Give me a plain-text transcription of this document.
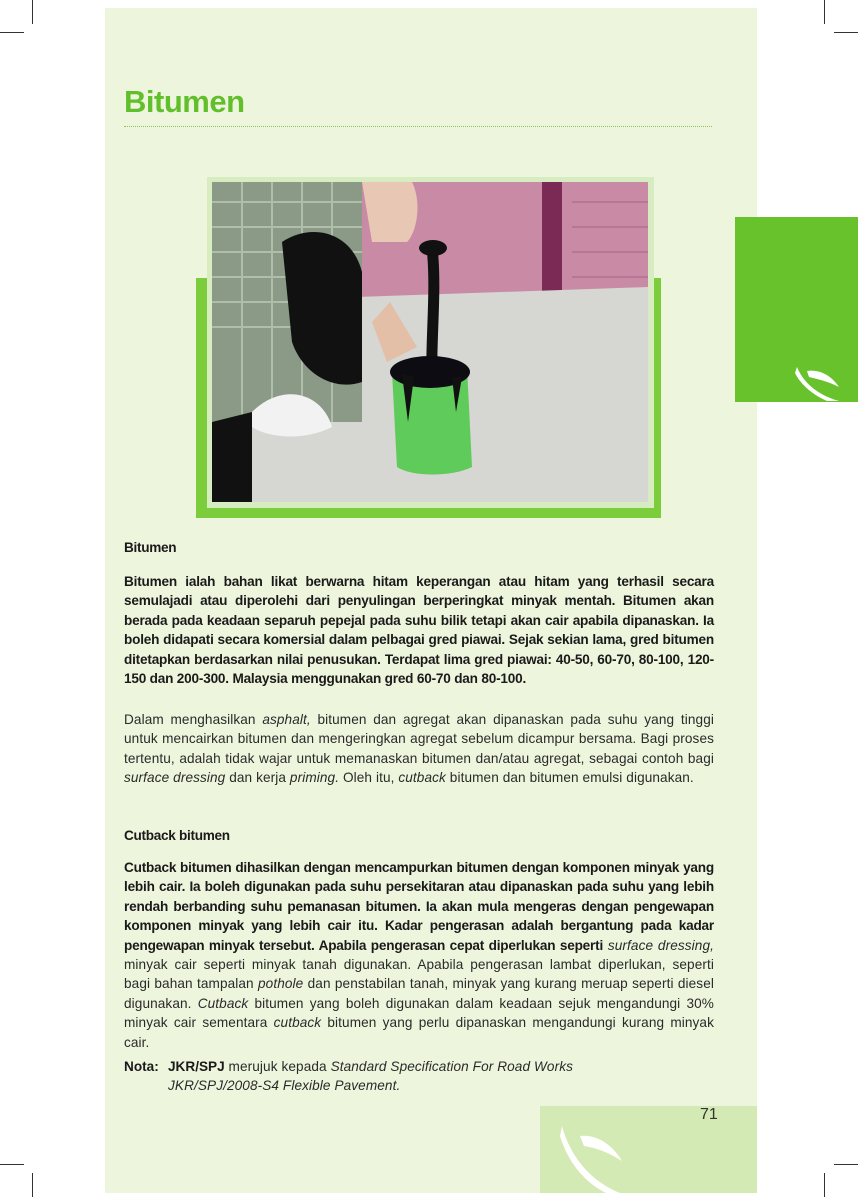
Bitumen
Bitumen
Bitumen ialah bahan likat berwarna hitam keperangan atau hitam yang terhasil secara semulajadi atau diperolehi dari penyulingan berperingkat minyak mentah. Bitumen akan berada pada keadaan separuh pepejal pada suhu bilik tetapi akan cair apabila dipanaskan. Ia boleh didapati secara komersial dalam pelbagai gred piawai. Sejak sekian lama, gred bitumen ditetapkan berdasarkan nilai penusukan. Terdapat lima gred piawai: 40-50, 60-70, 80-100, 120-150 dan 200-300. Malaysia menggunakan gred 60-70 dan 80-100.
Dalam menghasilkan asphalt, bitumen dan agregat akan dipanaskan pada suhu yang tinggi untuk mencairkan bitumen dan mengeringkan agregat sebelum dicampur bersama. Bagi proses tertentu, adalah tidak wajar untuk memanaskan bitumen dan/atau agregat, sebagai contoh bagi surface dressing dan kerja priming. Oleh itu, cutback bitumen dan bitumen emulsi digunakan.
Cutback bitumen
Cutback bitumen dihasilkan dengan mencampurkan bitumen dengan komponen minyak yang lebih cair. Ia boleh digunakan pada suhu persekitaran atau dipanaskan pada suhu yang lebih rendah berbanding suhu pemanasan bitumen. Ia akan mula mengeras dengan pengewapan komponen minyak yang lebih cair itu. Kadar pengerasan adalah bergantung pada kadar pengewapan minyak tersebut. Apabila pengerasan cepat diperlukan seperti surface dressing, minyak cair seperti minyak tanah digunakan. Apabila pengerasan lambat diperlukan, seperti bagi bahan tampalan pothole dan penstabilan tanah, minyak yang kurang meruap seperti diesel digunakan. Cutback bitumen yang boleh digunakan dalam keadaan sejuk mengandungi 30% minyak cair sementara cutback bitumen yang perlu dipanaskan mengandungi kurang minyak cair.
Nota: JKR/SPJ merujuk kepada Standard Specification For Road Works
JKR/SPJ/2008-S4 Flexible Pavement.
71
